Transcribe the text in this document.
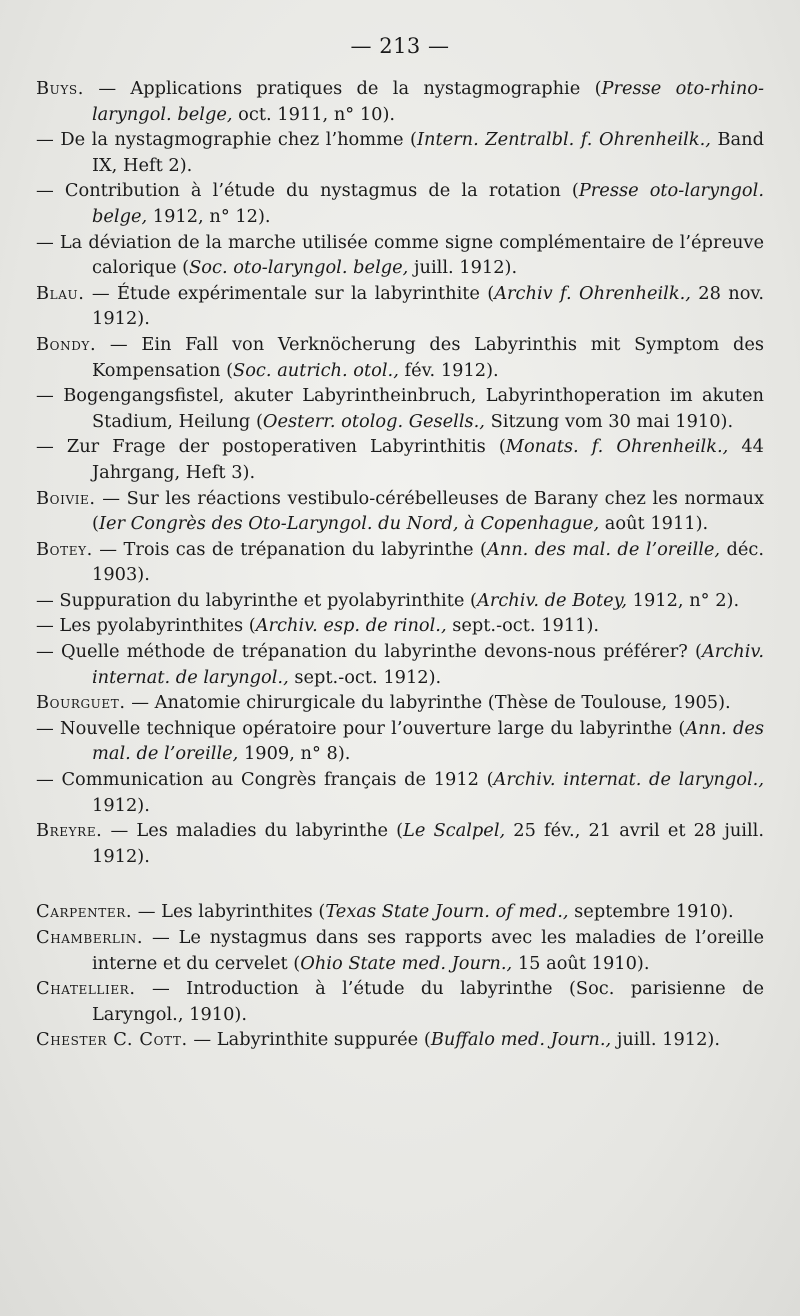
— 213 —

Buys. — Applications pratiques de la nystagmographie (Presse oto-rhino-laryngol. belge, oct. 1911, n° 10).

— De la nystagmographie chez l’homme (Intern. Zentralbl. f. Ohrenheilk., Band IX, Heft 2).

— Contribution à l’étude du nystagmus de la rotation (Presse oto-laryngol. belge, 1912, n° 12).

— La déviation de la marche utilisée comme signe complémentaire de l’épreuve calorique (Soc. oto-laryngol. belge, juill. 1912).

Blau. — Étude expérimentale sur la labyrinthite (Archiv f. Ohrenheilk., 28 nov. 1912).

Bondy. — Ein Fall von Verknöcherung des Labyrinthis mit Symptom des Kompensation (Soc. autrich. otol., fév. 1912).

— Bogengangsfistel, akuter Labyrintheinbruch, Labyrinthoperation im akuten Stadium, Heilung (Oesterr. otolog. Gesells., Sitzung vom 30 mai 1910).

— Zur Frage der postoperativen Labyrinthitis (Monats. f. Ohrenheilk., 44 Jahrgang, Heft 3).

Boivie. — Sur les réactions vestibulo-cérébelleuses de Barany chez les normaux (Ier Congrès des Oto-Laryngol. du Nord, à Copenhague, août 1911).

Botey. — Trois cas de trépanation du labyrinthe (Ann. des mal. de l’oreille, déc. 1903).

— Suppuration du labyrinthe et pyolabyrinthite (Archiv. de Botey, 1912, n° 2).

— Les pyolabyrinthites (Archiv. esp. de rinol., sept.-oct. 1911).

— Quelle méthode de trépanation du labyrinthe devons-nous préférer? (Archiv. internat. de laryngol., sept.-oct. 1912).

Bourguet. — Anatomie chirurgicale du labyrinthe (Thèse de Toulouse, 1905).

— Nouvelle technique opératoire pour l’ouverture large du labyrinthe (Ann. des mal. de l’oreille, 1909, n° 8).

— Communication au Congrès français de 1912 (Archiv. internat. de laryngol., 1912).

Breyre. — Les maladies du labyrinthe (Le Scalpel, 25 fév., 21 avril et 28 juill. 1912).

Carpenter. — Les labyrinthites (Texas State Journ. of med., septembre 1910).

Chamberlin. — Le nystagmus dans ses rapports avec les maladies de l’oreille interne et du cervelet (Ohio State med. Journ., 15 août 1910).

Chatellier. — Introduction à l’étude du labyrinthe (Soc. parisienne de Laryngol., 1910).

Chester C. Cott. — Labyrinthite suppurée (Buffalo med. Journ., juill. 1912).
